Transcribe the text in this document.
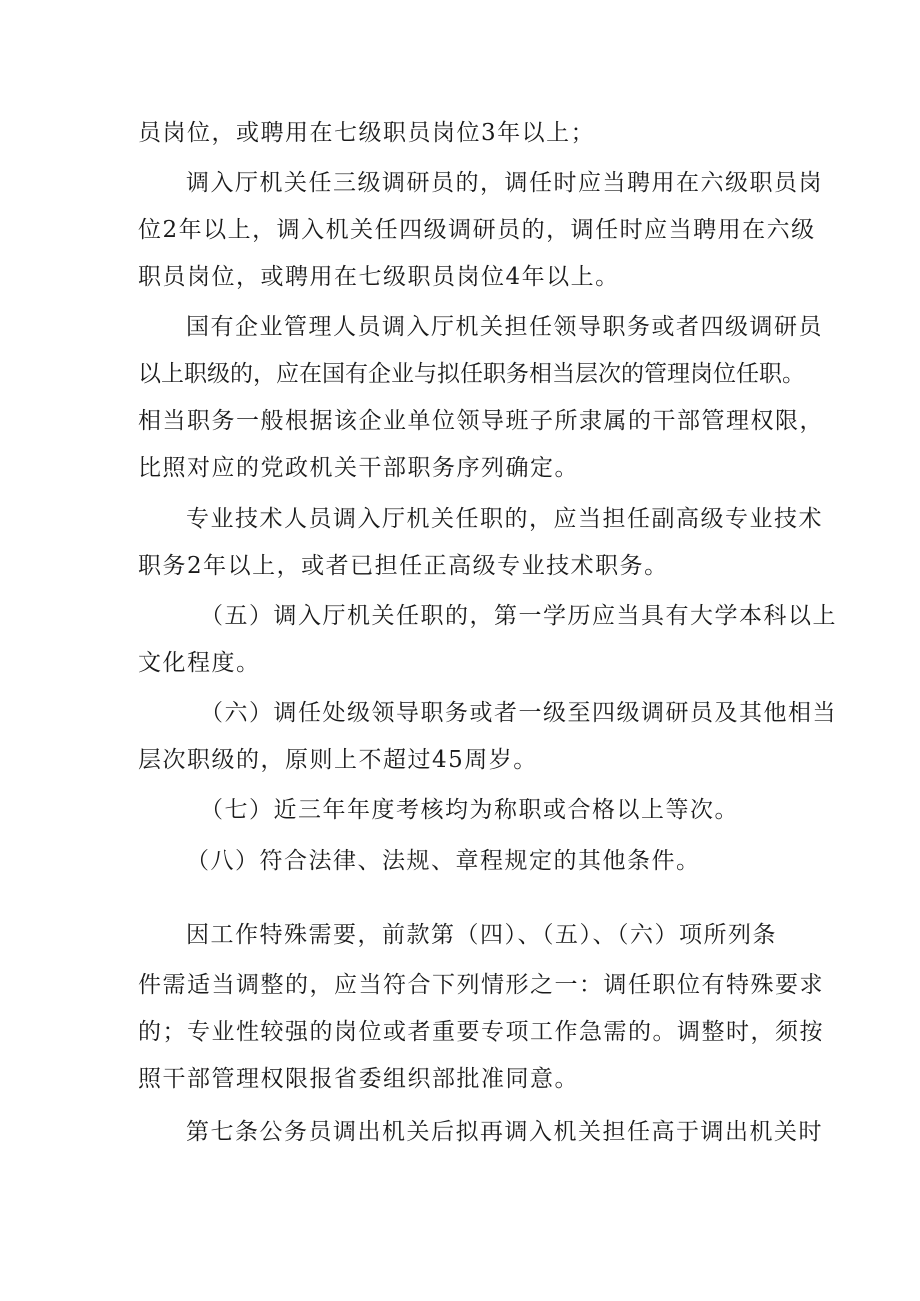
员岗位，或聘用在七级职员岗位3年以上；
调入厅机关任三级调研员的，调任时应当聘用在六级职员岗
位2年以上，调入机关任四级调研员的，调任时应当聘用在六级
职员岗位，或聘用在七级职员岗位4年以上。
国有企业管理人员调入厅机关担任领导职务或者四级调研员
以上职级的，应在国有企业与拟任职务相当层次的管理岗位任职。
相当职务一般根据该企业单位领导班子所隶属的干部管理权限，
比照对应的党政机关干部职务序列确定。
专业技术人员调入厅机关任职的，应当担任副高级专业技术
职务2年以上，或者已担任正高级专业技术职务。
（五）调入厅机关任职的，第一学历应当具有大学本科以上
文化程度。
（六）调任处级领导职务或者一级至四级调研员及其他相当
层次职级的，原则上不超过45周岁。
（七）近三年年度考核均为称职或合格以上等次。
（八）符合法律、法规、章程规定的其他条件。
因工作特殊需要，前款第（四）、（五）、（六）项所列条
件需适当调整的，应当符合下列情形之一：调任职位有特殊要求
的；专业性较强的岗位或者重要专项工作急需的。调整时，须按
照干部管理权限报省委组织部批准同意。
第七条公务员调出机关后拟再调入机关担任高于调出机关时
